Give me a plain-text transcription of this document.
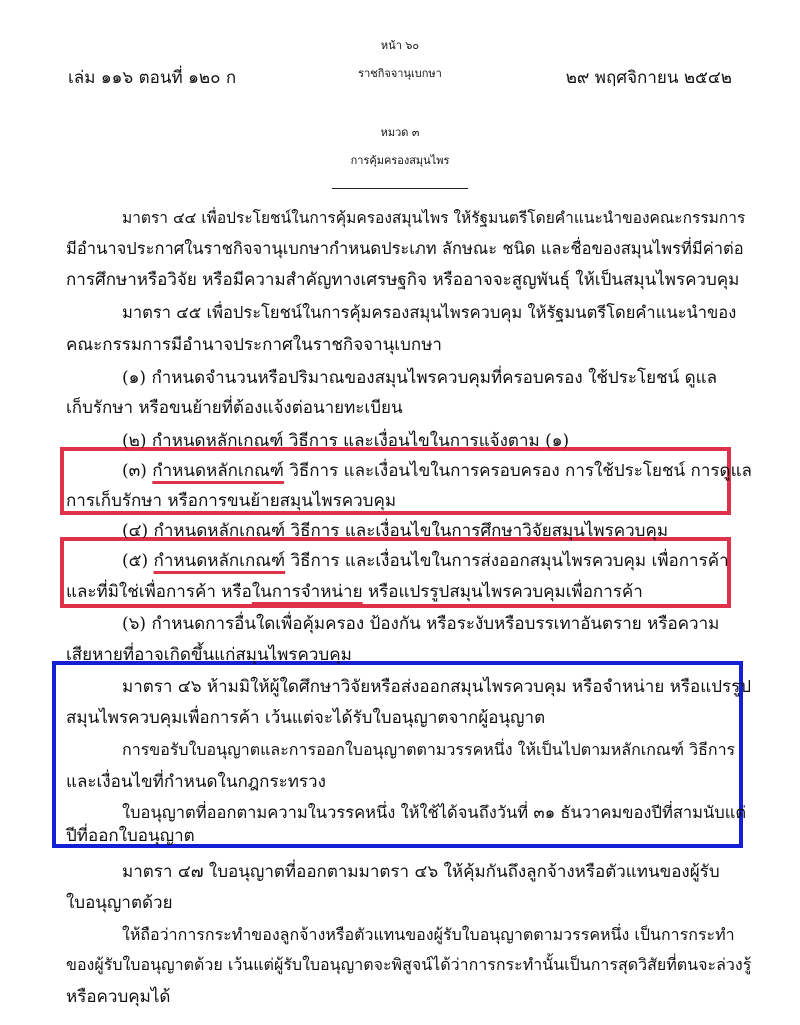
หน้า ๖๐
เล่ม ๑๑๖ ตอนที่ ๑๒๐ ก	ราชกิจจานุเบกษา	๒๙ พฤศจิกายน ๒๕๔๒
หมวด ๓
การคุ้มครองสมุนไพร
มาตรา ๔๔ เพื่อประโยชน์ในการคุ้มครองสมุนไพร ให้รัฐมนตรีโดยคำแนะนำของคณะกรรมการ
มีอำนาจประกาศในราชกิจจานุเบกษากำหนดประเภท ลักษณะ ชนิด และชื่อของสมุนไพรที่มีค่าต่อ
การศึกษาหรือวิจัย หรือมีความสำคัญทางเศรษฐกิจ หรืออาจจะสูญพันธุ์ ให้เป็นสมุนไพรควบคุม
มาตรา ๔๕ เพื่อประโยชน์ในการคุ้มครองสมุนไพรควบคุม ให้รัฐมนตรีโดยคำแนะนำของ
คณะกรรมการมีอำนาจประกาศในราชกิจจานุเบกษา
(๑) กำหนดจำนวนหรือปริมาณของสมุนไพรควบคุมที่ครอบครอง ใช้ประโยชน์ ดูแล
เก็บรักษา หรือขนย้ายที่ต้องแจ้งต่อนายทะเบียน
(๒) กำหนดหลักเกณฑ์ วิธีการ และเงื่อนไขในการแจ้งตาม (๑)
(๓) กำหนดหลักเกณฑ์ วิธีการ และเงื่อนไขในการครอบครอง การใช้ประโยชน์ การดูแล
การเก็บรักษา หรือการขนย้ายสมุนไพรควบคุม
(๔) กำหนดหลักเกณฑ์ วิธีการ และเงื่อนไขในการศึกษาวิจัยสมุนไพรควบคุม
(๕) กำหนดหลักเกณฑ์ วิธีการ และเงื่อนไขในการส่งออกสมุนไพรควบคุม เพื่อการค้า
และที่มิใช่เพื่อการค้า หรือในการจำหน่าย หรือแปรรูปสมุนไพรควบคุมเพื่อการค้า
(๖) กำหนดการอื่นใดเพื่อคุ้มครอง ป้องกัน หรือระงับหรือบรรเทาอันตราย หรือความ
เสียหายที่อาจเกิดขึ้นแก่สมุนไพรควบคุม
มาตรา ๔๖ ห้ามมิให้ผู้ใดศึกษาวิจัยหรือส่งออกสมุนไพรควบคุม หรือจำหน่าย หรือแปรรูป
สมุนไพรควบคุมเพื่อการค้า เว้นแต่จะได้รับใบอนุญาตจากผู้อนุญาต
การขอรับใบอนุญาตและการออกใบอนุญาตตามวรรคหนึ่ง ให้เป็นไปตามหลักเกณฑ์ วิธีการ
และเงื่อนไขที่กำหนดในกฎกระทรวง
ใบอนุญาตที่ออกตามความในวรรคหนึ่ง ให้ใช้ได้จนถึงวันที่ ๓๑ ธันวาคมของปีที่สามนับแต่
ปีที่ออกใบอนุญาต
มาตรา ๔๗ ใบอนุญาตที่ออกตามมาตรา ๔๖ ให้คุ้มกันถึงลูกจ้างหรือตัวแทนของผู้รับ
ใบอนุญาตด้วย
ให้ถือว่าการกระทำของลูกจ้างหรือตัวแทนของผู้รับใบอนุญาตตามวรรคหนึ่ง เป็นการกระทำ
ของผู้รับใบอนุญาตด้วย เว้นแต่ผู้รับใบอนุญาตจะพิสูจน์ได้ว่าการกระทำนั้นเป็นการสุดวิสัยที่ตนจะล่วงรู้
หรือควบคุมได้
